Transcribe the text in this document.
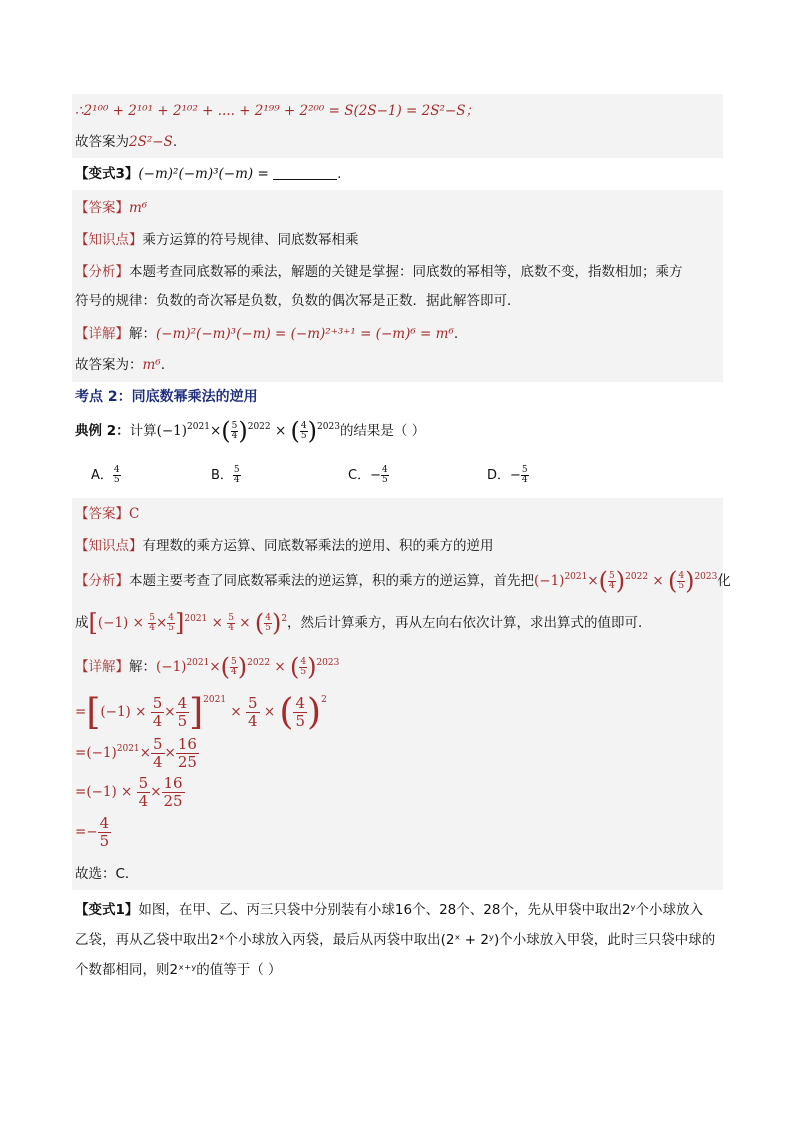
∴2¹⁰⁰ + 2¹⁰¹ + 2¹⁰² + .... + 2¹⁹⁹ + 2²⁰⁰ = S(2S−1) = 2S²−S；
故答案为2S²−S.
【变式3】(−m)²(−m)³(−m) =	.
【答案】m⁶
【知识点】乘方运算的符号规律、同底数幂相乘
【分析】本题考查同底数幂的乘法，解题的关键是掌握：同底数的幂相等，底数不变，指数相加；乘方
符号的规律：负数的奇次幂是负数，负数的偶次幂是正数．据此解答即可．
【详解】解：(−m)²(−m)³(−m) = (−m)²⁺³⁺¹ = (−m)⁶ = m⁶.
故答案为：m⁶.
考点 2：同底数幂乘法的逆用
典例 2：计算$(-1)^{2021}\times( \frac{5}{4} )^{2022}$ × ( $\frac{4}{5} )^{2023}$的结果是（ ）
A． $\frac{4}{5}$	B． $\frac{5}{4}$	C．− $\frac{4}{5}$	D．− $\frac{5}{4}$
【答案】C
【知识点】有理数的乘方运算、同底数幂乘法的逆用、积的乘方的逆用
【分析】本题主要考查了同底数幂乘法的逆运算，积的乘方的逆运算，首先把$(-1)^{2021}\times( \frac{5}{4} )^{2022}$ × ( $\frac{4}{5} )^{2023}$化
成$[(-1) \times \frac{5}{4} \times \frac{4}{5} ]^{2021} \times \frac{5}{4}$ × ( $\frac{4}{5} )^2$，然后计算乘方，再从左向右依次计算，求出算式的值即可．
【详解】解：$(-1)^{2021}\times( \frac{5}{4} )^{2022}$ × ( $\frac{4}{5} )^{2023}$
$=[(-1) \times \frac{5}{4} \times \frac{4}{5} ]^{2021} \times \frac{5}{4}$ × ( $\frac{4}{5} )^2$
$=(-1)^{2021}\times \frac{5}{4} \times \frac{16}{25}$
$=(-1) \times \frac{5}{4} \times \frac{16}{25}$
=− $\frac{4}{5}$
故选：C．
【变式1】如图，在甲、乙、丙三只袋中分别装有小球16个、28个、28个，先从甲袋中取出2ʸ个小球放入
乙袋，再从乙袋中取出2ˣ个小球放入丙袋，最后从丙袋中取出(2ˣ + 2ʸ)个小球放入甲袋，此时三只袋中球的
个数都相同，则2ˣ⁺ʸ的值等于（ ）
